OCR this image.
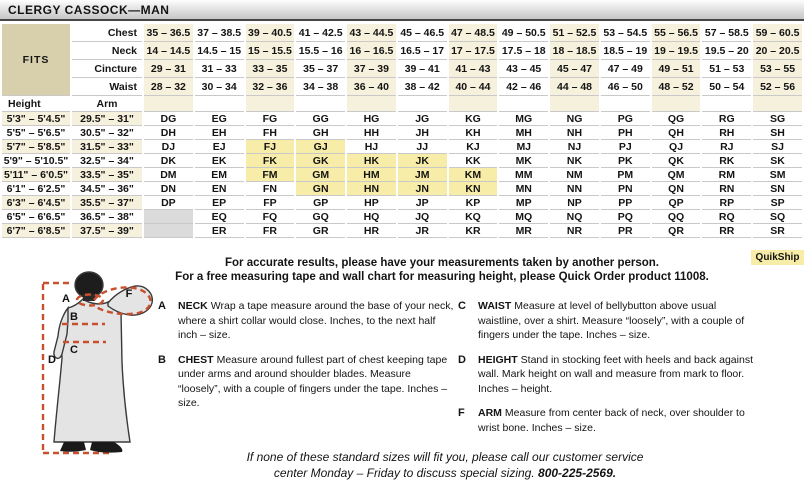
CLERGY CASSOCK—MAN
FITS	Chest	35 – 36.5	37 – 38.5	39 – 40.5	41 – 42.5	43 – 44.5	45 – 46.5	47 – 48.5	49 – 50.5	51 – 52.5	53 – 54.5	55 – 56.5	57 – 58.5	59 – 60.5
	Neck	14 – 14.5	14.5 – 15	15 – 15.5	15.5 – 16	16 – 16.5	16.5 – 17	17 – 17.5	17.5 – 18	18 – 18.5	18.5 – 19	19 – 19.5	19.5 – 20	20 – 20.5
	Cincture	29 – 31	31 – 33	33 – 35	35 – 37	37 – 39	39 – 41	41 – 43	43 – 45	45 – 47	47 – 49	49 – 51	51 – 53	53 – 55
	Waist	28 – 32	30 – 34	32 – 36	34 – 38	36 – 40	38 – 42	40 – 44	42 – 46	44 – 48	46 – 50	48 – 52	50 – 54	52 – 56
Height	Arm													
5'3" – 5'4.5"	29.5" – 31"	DG	EG	FG	GG	HG	JG	KG	MG	NG	PG	QG	RG	SG
5'5" – 5'6.5"	30.5" – 32"	DH	EH	FH	GH	HH	JH	KH	MH	NH	PH	QH	RH	SH
5'7" – 5'8.5"	31.5" – 33"	DJ	EJ	FJ	GJ	HJ	JJ	KJ	MJ	NJ	PJ	QJ	RJ	SJ
5'9" – 5'10.5"	32.5" – 34"	DK	EK	FK	GK	HK	JK	KK	MK	NK	PK	QK	RK	SK
5'11" – 6'0.5"	33.5" – 35"	DM	EM	FM	GM	HM	JM	KM	MM	NM	PM	QM	RM	SM
6'1" – 6'2.5"	34.5" – 36"	DN	EN	FN	GN	HN	JN	KN	MN	NN	PN	QN	RN	SN
6'3" – 6'4.5"	35.5" – 37"	DP	EP	FP	GP	HP	JP	KP	MP	NP	PP	QP	RP	SP
6'5" – 6'6.5"	36.5" – 38"		EQ	FQ	GQ	HQ	JQ	KQ	MQ	NQ	PQ	QQ	RQ	SQ
6'7" – 6'8.5"	37.5" – 39"		ER	FR	GR	HR	JR	KR	MR	NR	PR	QR	RR	SR
QuikShip

For accurate results, please have your measurements taken by another person.

For a free measuring tape and wall chart for measuring height, please Quick Order product 11008.

A	F
B
C
D
A	NECK Wrap a tape measure around the base of your neck, where a shirt collar would close. Inches, to the next half inch – size.
B	CHEST Measure around fullest part of chest keeping tape under arms and around shoulder blades. Measure “loosely”, with a couple of fingers under the tape. Inches – size.
C	WAIST Measure at level of bellybutton above usual waistline, over a shirt. Measure “loosely”, with a couple of fingers under the tape. Inches – size.
D	HEIGHT Stand in stocking feet with heels and back against wall. Mark height on wall and measure from mark to floor. Inches – height.
F	ARM Measure from center back of neck, over shoulder to wrist bone. Inches – size.

If none of these standard sizes will fit you, please call our customer service

center Monday – Friday to discuss special sizing. 800-225-2569.
